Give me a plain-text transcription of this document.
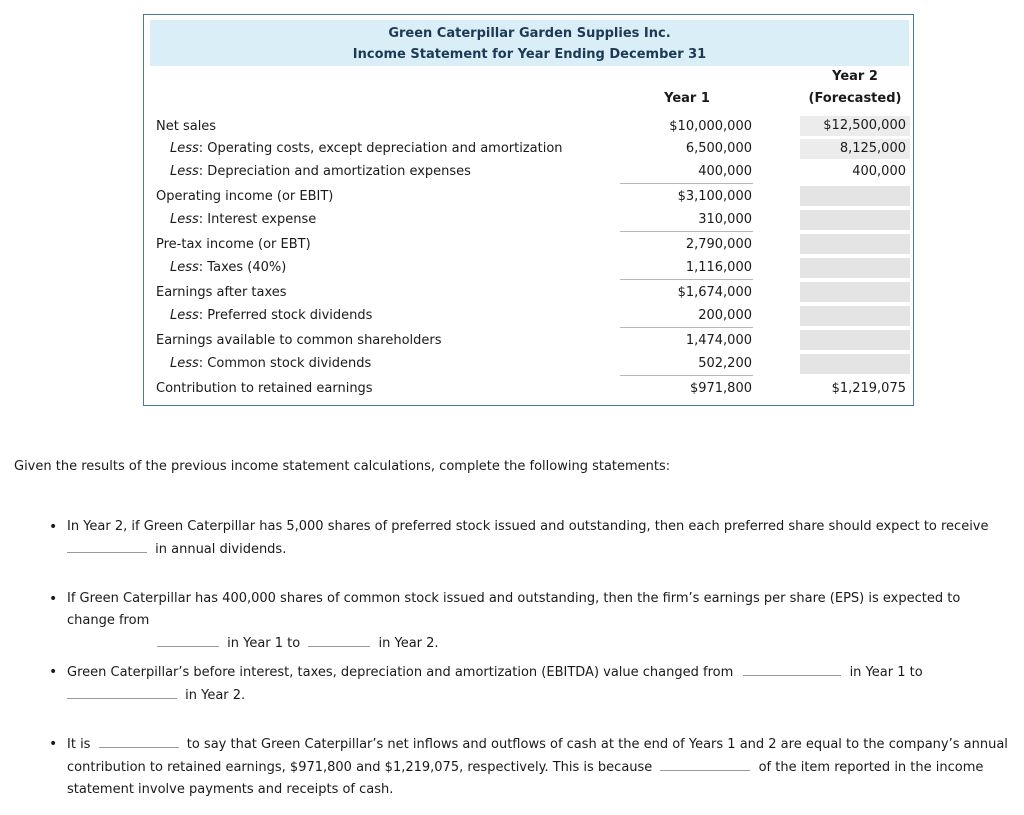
Green Caterpillar Garden Supplies Inc.
Income Statement for Year Ending December 31
Year 1
Year 2
(Forecasted)
Net sales	$10,000,000	$12,500,000
Less: Operating costs, except depreciation and amortization	6,500,000	8,125,000
Less: Depreciation and amortization expenses	400,000	400,000
Operating income (or EBIT)	$3,100,000
Less: Interest expense	310,000
Pre-tax income (or EBT)	2,790,000
Less: Taxes (40%)	1,116,000
Earnings after taxes	$1,674,000
Less: Preferred stock dividends	200,000
Earnings available to common shareholders	1,474,000
Less: Common stock dividends	502,200
Contribution to retained earnings	$971,800	$1,219,075
Given the results of the previous income statement calculations, complete the following statements:
• In Year 2, if Green Caterpillar has 5,000 shares of preferred stock issued and outstanding, then each preferred share should expect to receive
in annual dividends.
• If Green Caterpillar has 400,000 shares of common stock issued and outstanding, then the firm’s earnings per share (EPS) is expected to change from
in Year 1 to	in Year 2.
• Green Caterpillar’s before interest, taxes, depreciation and amortization (EBITDA) value changed from	in Year 1 to
in Year 2.
• It is	to say that Green Caterpillar’s net inflows and outflows of cash at the end of Years 1 and 2 are equal to the company’s annual contribution to retained earnings, $971,800 and $1,219,075, respectively. This is because	of the item reported in the income statement involve payments and receipts of cash.
